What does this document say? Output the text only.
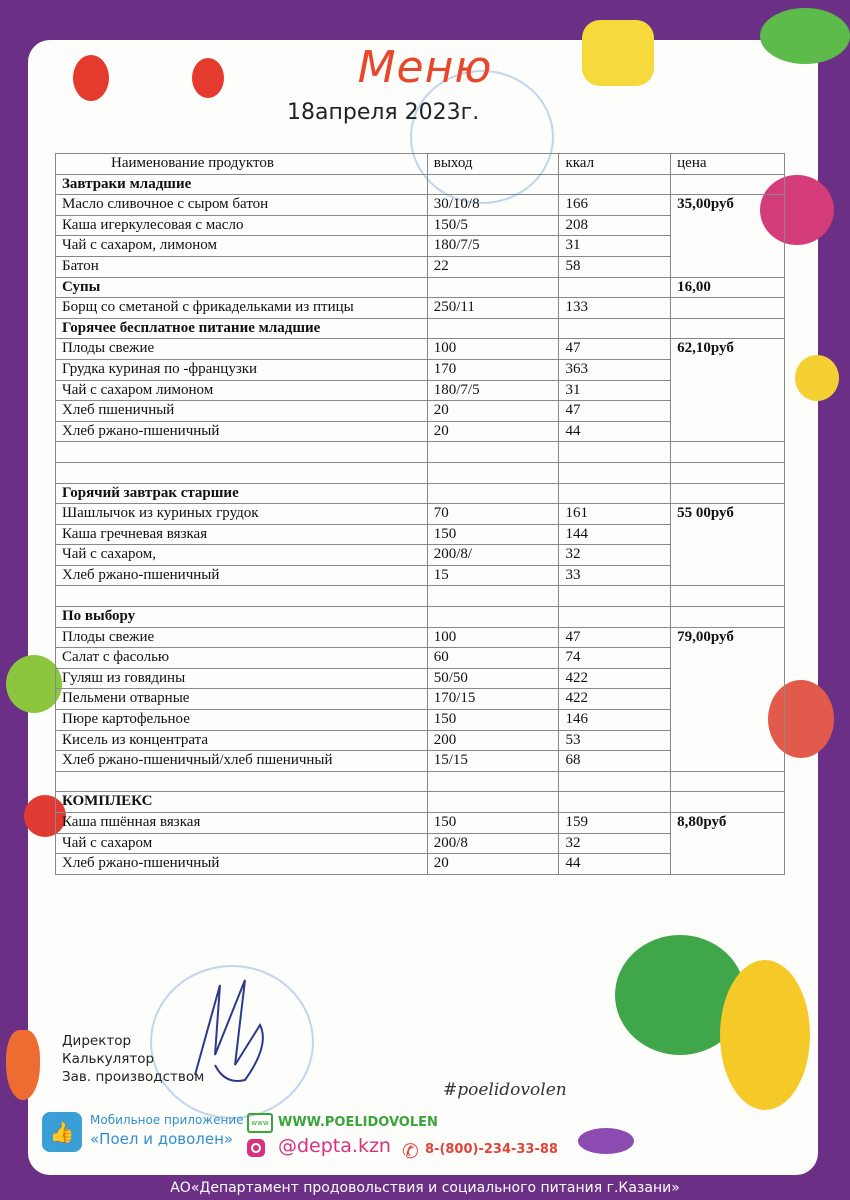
Меню
18апреля 2023г.
Наименование продуктов	выход	ккал	цена
Завтраки младшие			
Масло сливочное с сыром батон	30/10/8	166	35,00руб
Каша игеркулесовая с масло	150/5	208	
Чай с сахаром, лимоном	180/7/5	31	
Батон	22	58	
Супы			16,00
Борщ со сметаной с фрикадельками из птицы	250/11	133	
Горячее бесплатное питание младшие			
Плоды свежие	100	47	62,10руб
Грудка куриная по -французки	170	363	
Чай с сахаром лимоном	180/7/5	31	
Хлеб пшеничный	20	47	
Хлеб ржано-пшеничный	20	44	

Горячий завтрак старшие			
Шашлычок из куриных грудок	70	161	55 00руб
Каша гречневая вязкая	150	144	
Чай с сахаром,	200/8/	32	
Хлеб ржано-пшеничный	15	33	

По выбору			
Плоды свежие	100	47	79,00руб
Салат с фасолью	60	74	
Гуляш из говядины	50/50	422	
Пельмени отварные	170/15	422	
Пюре картофельное	150	146	
Кисель из концентрата	200	53	
Хлеб ржано-пшеничный/хлеб пшеничный	15/15	68	

КОМПЛЕКС			
Каша пшённая вязкая	150	159	8,80руб
Чай с сахаром	200/8	32	
Хлеб ржано-пшеничный	20	44	
Директор
Калькулятор
Зав. производством
#poelidovolen
👍	Мобильное приложение
«Поел и доволен»
www WWW.POELIDOVOLEN
@depta.kzn ✆ 8-(800)-234-33-88
АО«Департамент продовольствия и социального питания г.Казани»
